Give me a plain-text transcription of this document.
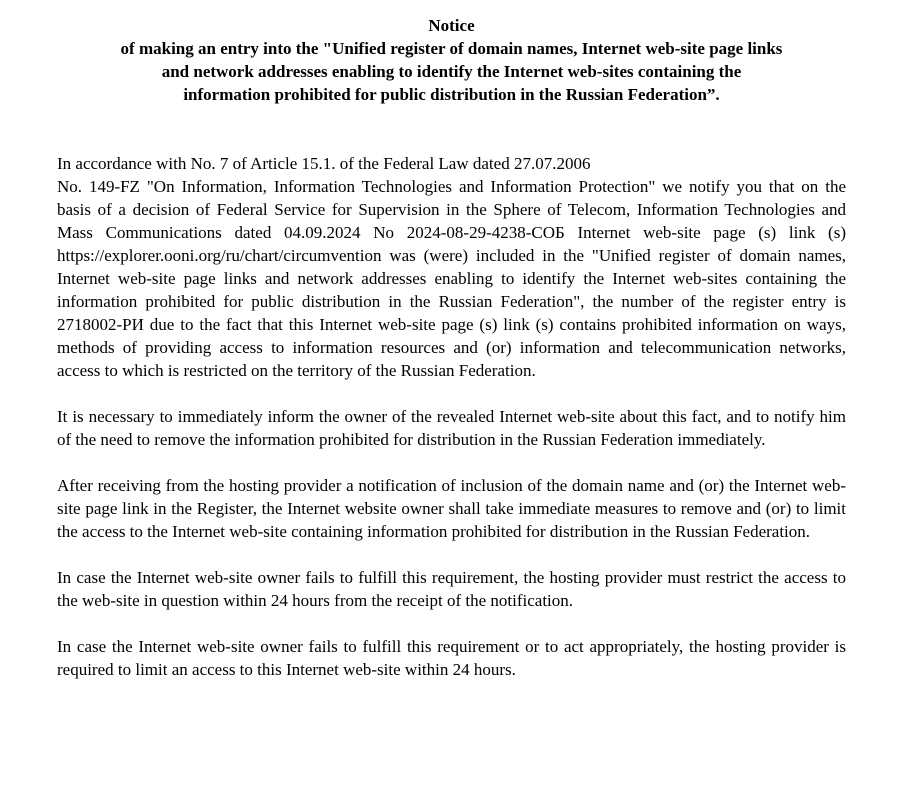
Notice
of making an entry into the "Unified register of domain names, Internet web-site page links
and network addresses enabling to identify the Internet web-sites containing the
information prohibited for public distribution in the Russian Federation”.
In accordance with No. 7 of Article 15.1. of the Federal Law dated 27.07.2006

No. 149-FZ "On Information, Information Technologies and Information Protection" we notify you that on the basis of a decision of Federal Service for Supervision in the Sphere of Telecom, Information Technologies and Mass Communications dated 04.09.2024 No 2024-08-29-4238-СОБ Internet web-site page (s) link (s) https://explorer.ooni.org/ru/chart/circumvention was (were) included in the "Unified register of domain names, Internet web-site page links and network addresses enabling to identify the Internet web-sites containing the information prohibited for public distribution in the Russian Federation", the number of the register entry is 2718002-РИ due to the fact that this Internet web-site page (s) link (s) contains prohibited information on ways, methods of providing access to information resources and (or) information and telecommunication networks, access to which is restricted on the territory of the Russian Federation.

It is necessary to immediately inform the owner of the revealed Internet web-site about this fact, and to notify him of the need to remove the information prohibited for distribution in the Russian Federation immediately.

After receiving from the hosting provider a notification of inclusion of the domain name and (or) the Internet web-site page link in the Register, the Internet website owner shall take immediate measures to remove and (or) to limit the access to the Internet web-site containing information prohibited for distribution in the Russian Federation.

In case the Internet web-site owner fails to fulfill this requirement, the hosting provider must restrict the access to the web-site in question within 24 hours from the receipt of the notification.

In case the Internet web-site owner fails to fulfill this requirement or to act appropriately, the hosting provider is required to limit an access to this Internet web-site within 24 hours.
